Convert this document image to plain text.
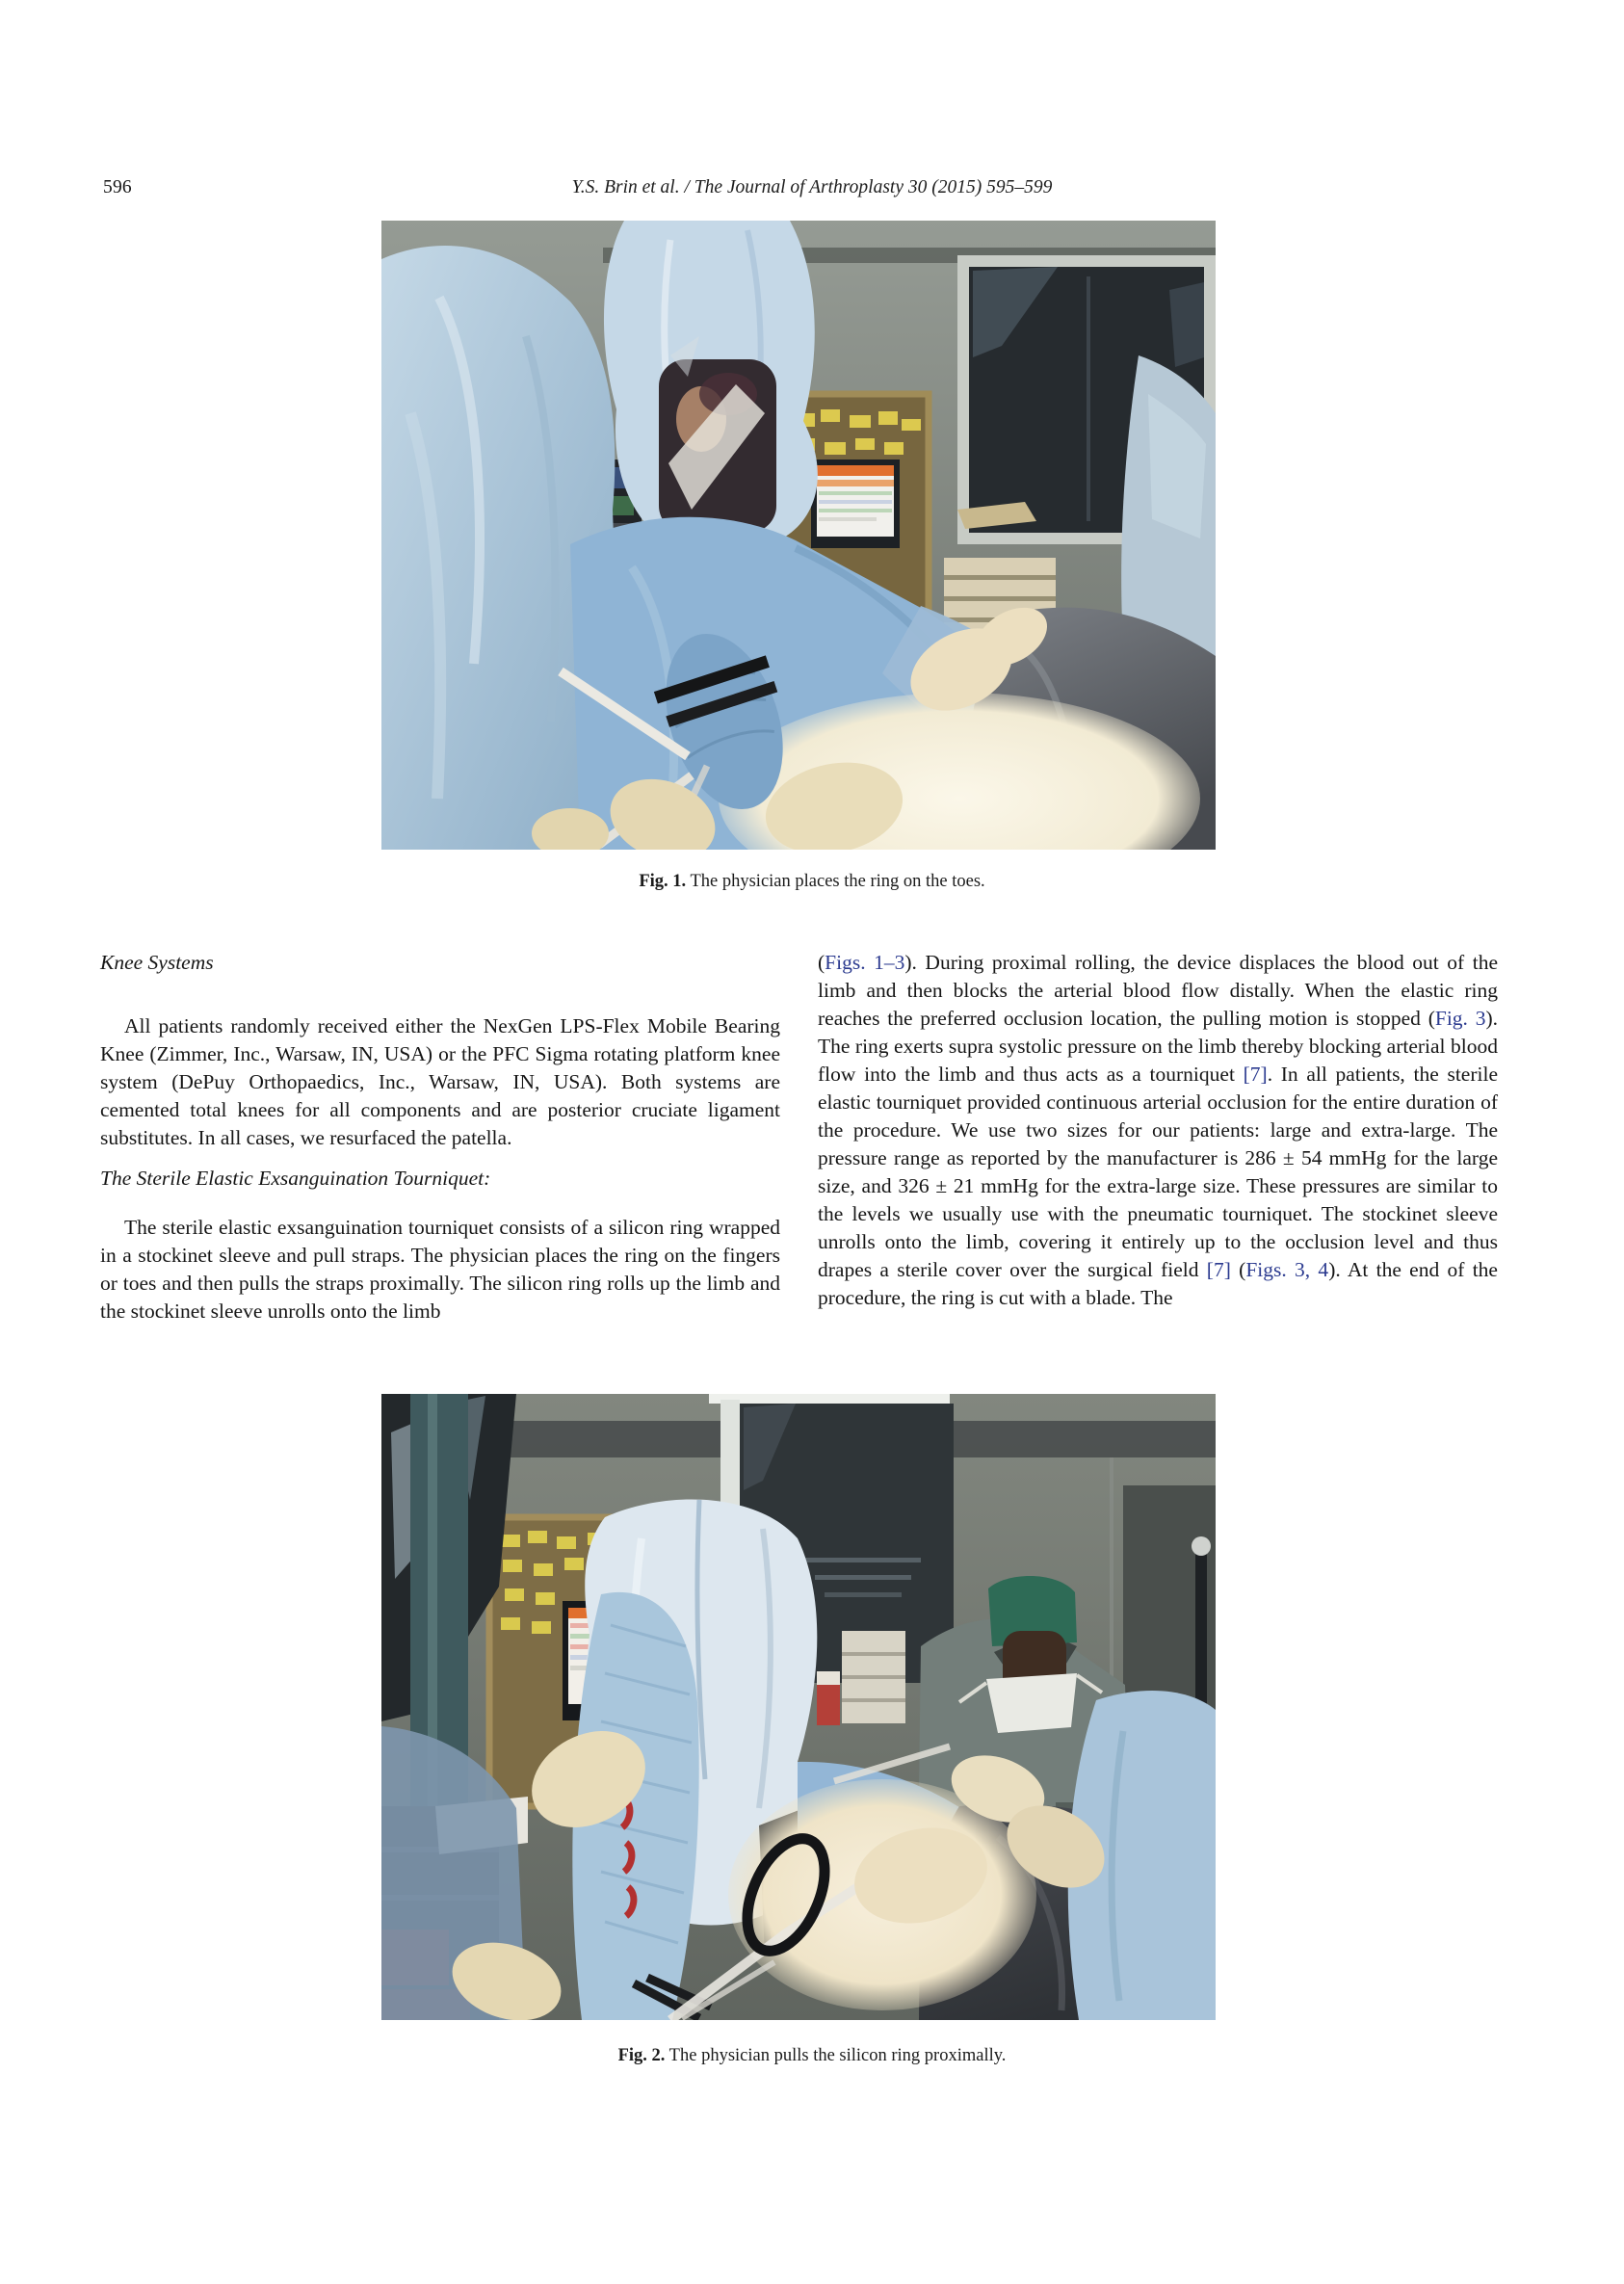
596	Y.S. Brin et al. / The Journal of Arthroplasty 30 (2015) 595–599
Fig. 1. The physician places the ring on the toes.
Knee Systems

All patients randomly received either the NexGen LPS-Flex Mobile Bearing Knee (Zimmer, Inc., Warsaw, IN, USA) or the PFC Sigma rotating platform knee system (DePuy Orthopaedics, Inc., Warsaw, IN, USA). Both systems are cemented total knees for all components and are posterior cruciate ligament substitutes. In all cases, we resurfaced the patella.

The Sterile Elastic Exsanguination Tourniquet:

The sterile elastic exsanguination tourniquet consists of a silicon ring wrapped in a stockinet sleeve and pull straps. The physician places the ring on the fingers or toes and then pulls the straps proximally. The silicon ring rolls up the limb and the stockinet sleeve unrolls onto the limb

(Figs. 1–3). During proximal rolling, the device displaces the blood out of the limb and then blocks the arterial blood flow distally. When the elastic ring reaches the preferred occlusion location, the pulling motion is stopped (Fig. 3). The ring exerts supra systolic pressure on the limb thereby blocking arterial blood flow into the limb and thus acts as a tourniquet [7]. In all patients, the sterile elastic tourniquet provided continuous arterial occlusion for the entire duration of the procedure. We use two sizes for our patients: large and extra-large. The pressure range as reported by the manufacturer is 286 ± 54 mmHg for the large size, and 326 ± 21 mmHg for the extra-large size. These pressures are similar to the levels we usually use with the pneumatic tourniquet. The stockinet sleeve unrolls onto the limb, covering it entirely up to the occlusion level and thus drapes a sterile cover over the surgical field [7] (Figs. 3, 4). At the end of the procedure, the ring is cut with a blade. The

Fig. 2. The physician pulls the silicon ring proximally.
